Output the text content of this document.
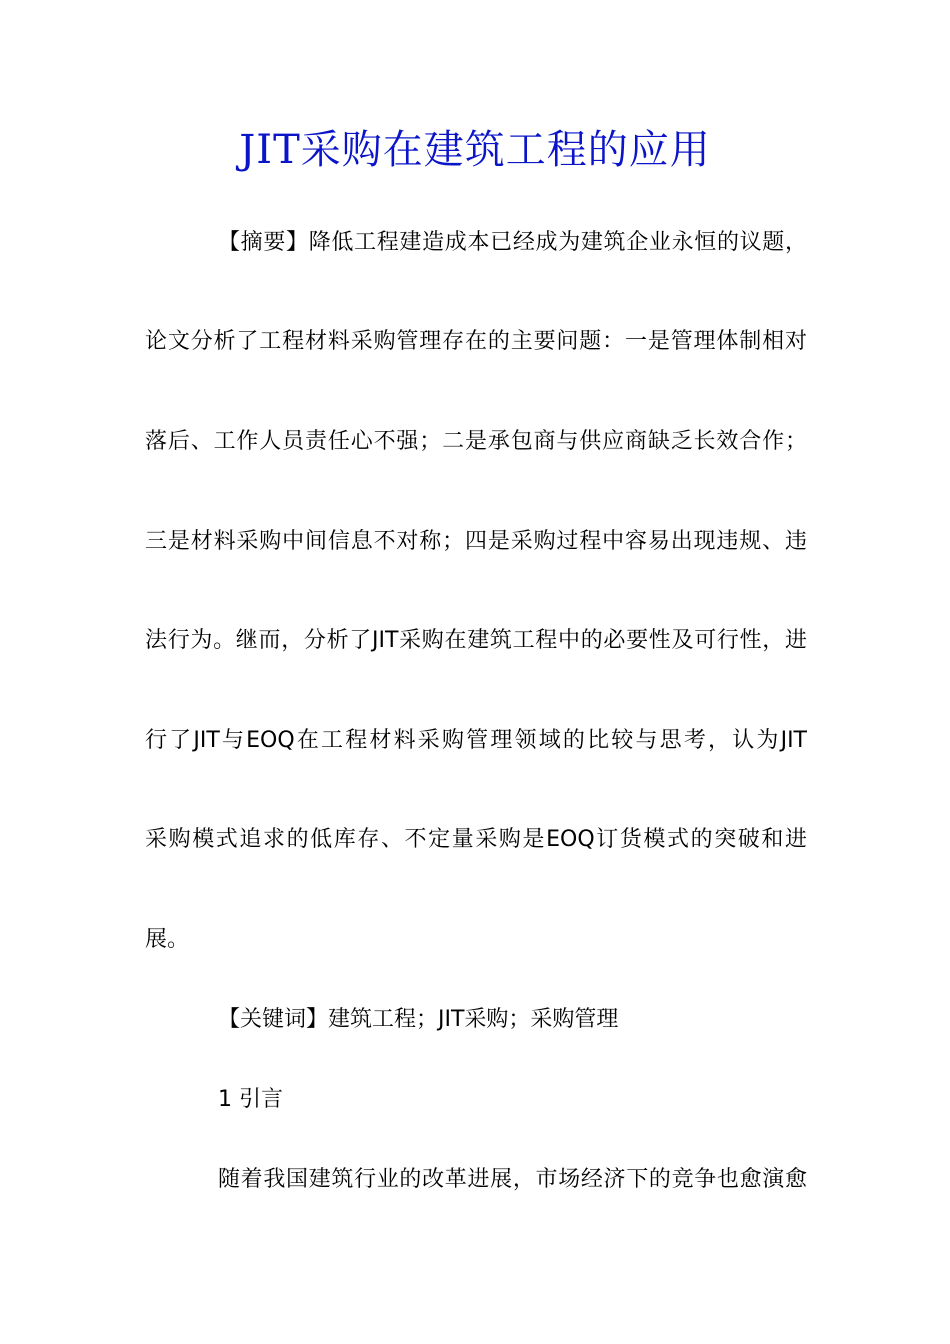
JIT采购在建筑工程的应用

【摘要】降低工程建造成本已经成为建筑企业永恒的议题，

论文分析了工程材料采购管理存在的主要问题：一是管理体制相对

落后、工作人员责任心不强；二是承包商与供应商缺乏长效合作；

三是材料采购中间信息不对称；四是采购过程中容易出现违规、违

法行为。继而，分析了JIT采购在建筑工程中的必要性及可行性，进

行了JIT与EOQ在工程材料采购管理领域的比较与思考，认为JIT

采购模式追求的低库存、不定量采购是EOQ订货模式的突破和进

展。

【关键词】建筑工程；JIT采购；采购管理

1 引言

随着我国建筑行业的改革进展，市场经济下的竞争也愈演愈
